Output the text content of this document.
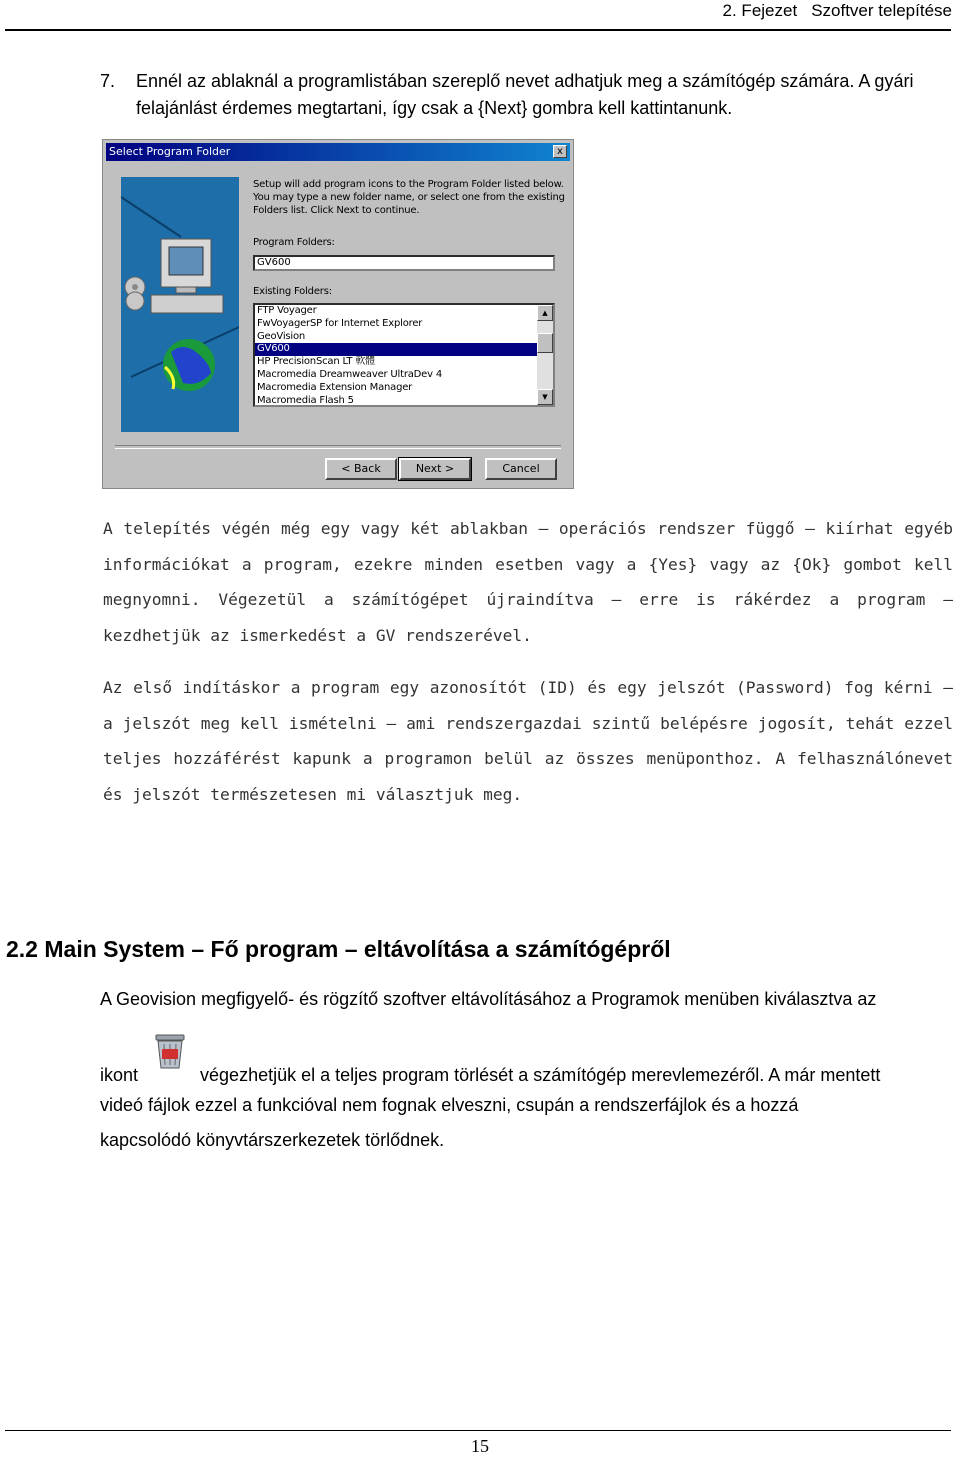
2. Fejezet Szoftver telepítése
7. Ennél az ablaknál a programlistában szereplő nevet adhatjuk meg a számítógép számára. A gyári felajánlást érdemes megtartani, így csak a {Next} gombra kell kattintanunk.
Select Program Folder	x
Setup will add program icons to the Program Folder listed below.
You may type a new folder name, or select one from the existing
Folders list. Click Next to continue.
Program Folders:
GV600
Existing Folders:
FTP Voyager
FwVoyagerSP for Internet Explorer
GeoVision
GV600
HP PrecisionScan LT 軟體
Macromedia Dreamweaver UltraDev 4
Macromedia Extension Manager
Macromedia Flash 5
▲
▼
< Back	Next >	Cancel
A telepítés végén még egy vagy két ablakban – operációs rendszer függő – kiírhat egyéb információkat a program, ezekre minden esetben vagy a {Yes} vagy az {Ok} gombot kell megnyomni. Végezetül a számítógépet újraindítva – erre is rákérdez a program – kezdhetjük az ismerkedést a GV rendszerével.
Az első indításkor a program egy azonosítót (ID) és egy jelszót (Password) fog kérni – a jelszót meg kell ismételni – ami rendszergazdai szintű belépésre jogosít, tehát ezzel teljes hozzáférést kapunk a programon belül az összes menüponthoz. A felhasználónevet és jelszót természetesen mi választjuk meg.
2.2 Main System – Fő program – eltávolítása a számítógépről
A Geovision megfigyelő- és rögzítő szoftver eltávolításához a Programok menüben kiválasztva az
ikont	végezhetjük el a teljes program törlését a számítógép merevlemezéről. A már mentett
videó fájlok ezzel a funkcióval nem fognak elveszni, csupán a rendszerfájlok és a hozzá
kapcsolódó könyvtárszerkezetek törlődnek.
15
